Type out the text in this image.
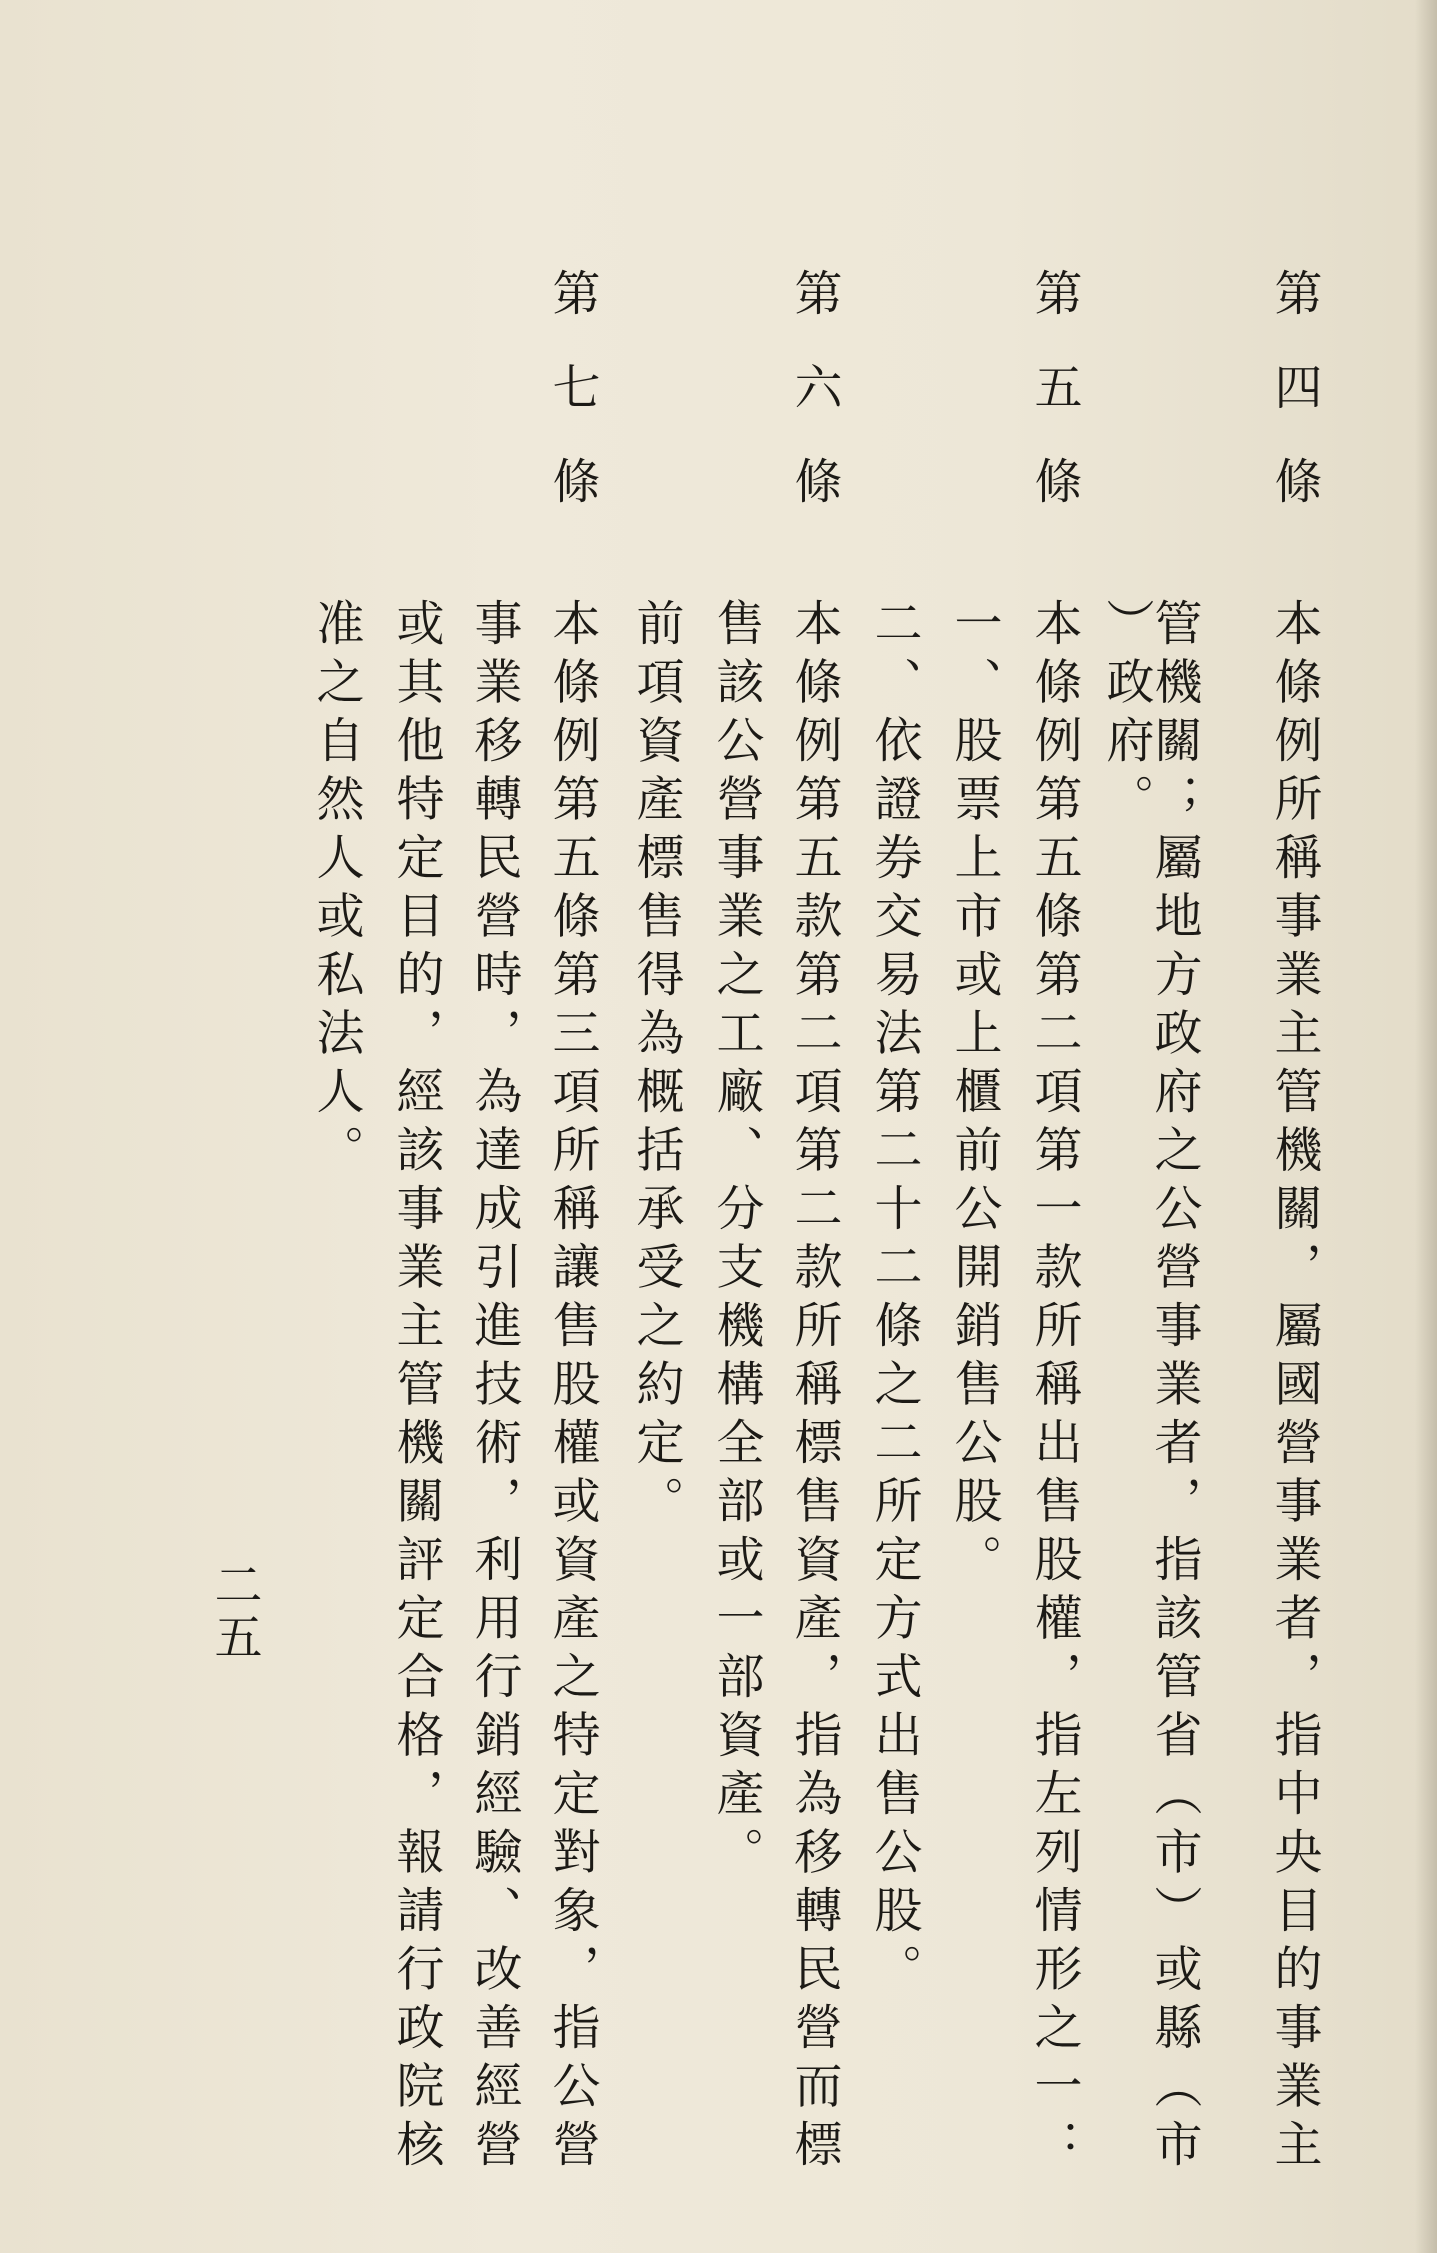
第四條
本條例所稱事業主管機關，屬國營事業者，指中央目的事業主
管機關；屬地方政府之公營事業者，指該管省（市）或縣（市
）政府。
第五條
本條例第五條第二項第一款所稱出售股權，指左列情形之一：
一、股票上市或上櫃前公開銷售公股。
二、依證券交易法第二十二條之二所定方式出售公股。
第六條
本條例第五款第二項第二款所稱標售資產，指為移轉民營而標
售該公營事業之工廠、分支機構全部或一部資產。
前項資產標售得為概括承受之約定。
第七條
本條例第五條第三項所稱讓售股權或資產之特定對象，指公營
事業移轉民營時，為達成引進技術，利用行銷經驗、改善經營
或其他特定目的，經該事業主管機關評定合格，報請行政院核
准之自然人或私法人。
二五
